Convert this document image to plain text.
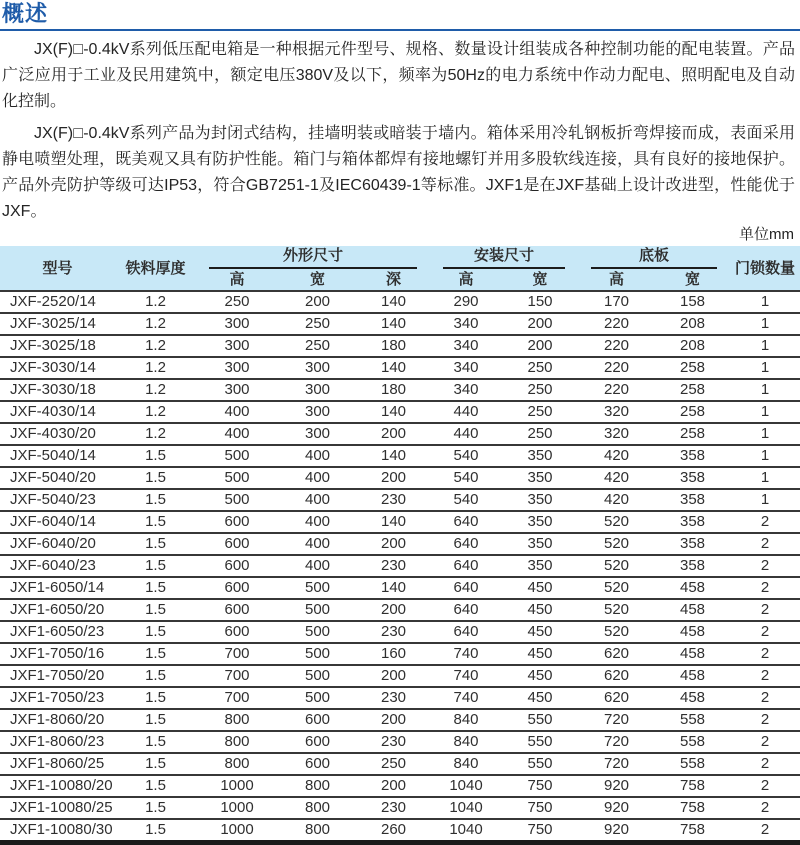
概述

JX(F)□-0.4kV系列低压配电箱是一种根据元件型号、规格、数量设计组装成各种控制功能的配电装置。产品广泛应用于工业及民用建筑中，额定电压380V及以下，频率为50Hz的电力系统中作动力配电、照明配电及自动化控制。

JX(F)□-0.4kV系列产品为封闭式结构，挂墙明装或暗装于墙内。箱体采用冷轧钢板折弯焊接而成，表面采用静电喷塑处理，既美观又具有防护性能。箱门与箱体都焊有接地螺钉并用多股软线连接，具有良好的接地保护。产品外壳防护等级可达IP53，符合GB7251-1及IEC60439-1等标准。JXF1是在JXF基础上设计改进型，性能优于JXF。

单位mm
型号	铁料厚度	外形尺寸			安装尺寸		底板		门锁数量
		高	宽	深	高	宽	高	宽	
JXF-2520/14	1.2	250	200	140	290	150	170	158	1
JXF-3025/14	1.2	300	250	140	340	200	220	208	1
JXF-3025/18	1.2	300	250	180	340	200	220	208	1
JXF-3030/14	1.2	300	300	140	340	250	220	258	1
JXF-3030/18	1.2	300	300	180	340	250	220	258	1
JXF-4030/14	1.2	400	300	140	440	250	320	258	1
JXF-4030/20	1.2	400	300	200	440	250	320	258	1
JXF-5040/14	1.5	500	400	140	540	350	420	358	1
JXF-5040/20	1.5	500	400	200	540	350	420	358	1
JXF-5040/23	1.5	500	400	230	540	350	420	358	1
JXF-6040/14	1.5	600	400	140	640	350	520	358	2
JXF-6040/20	1.5	600	400	200	640	350	520	358	2
JXF-6040/23	1.5	600	400	230	640	350	520	358	2
JXF1-6050/14	1.5	600	500	140	640	450	520	458	2
JXF1-6050/20	1.5	600	500	200	640	450	520	458	2
JXF1-6050/23	1.5	600	500	230	640	450	520	458	2
JXF1-7050/16	1.5	700	500	160	740	450	620	458	2
JXF1-7050/20	1.5	700	500	200	740	450	620	458	2
JXF1-7050/23	1.5	700	500	230	740	450	620	458	2
JXF1-8060/20	1.5	800	600	200	840	550	720	558	2
JXF1-8060/23	1.5	800	600	230	840	550	720	558	2
JXF1-8060/25	1.5	800	600	250	840	550	720	558	2
JXF1-10080/20	1.5	1000	800	200	1040	750	920	758	2
JXF1-10080/25	1.5	1000	800	230	1040	750	920	758	2
JXF1-10080/30	1.5	1000	800	260	1040	750	920	758	2
